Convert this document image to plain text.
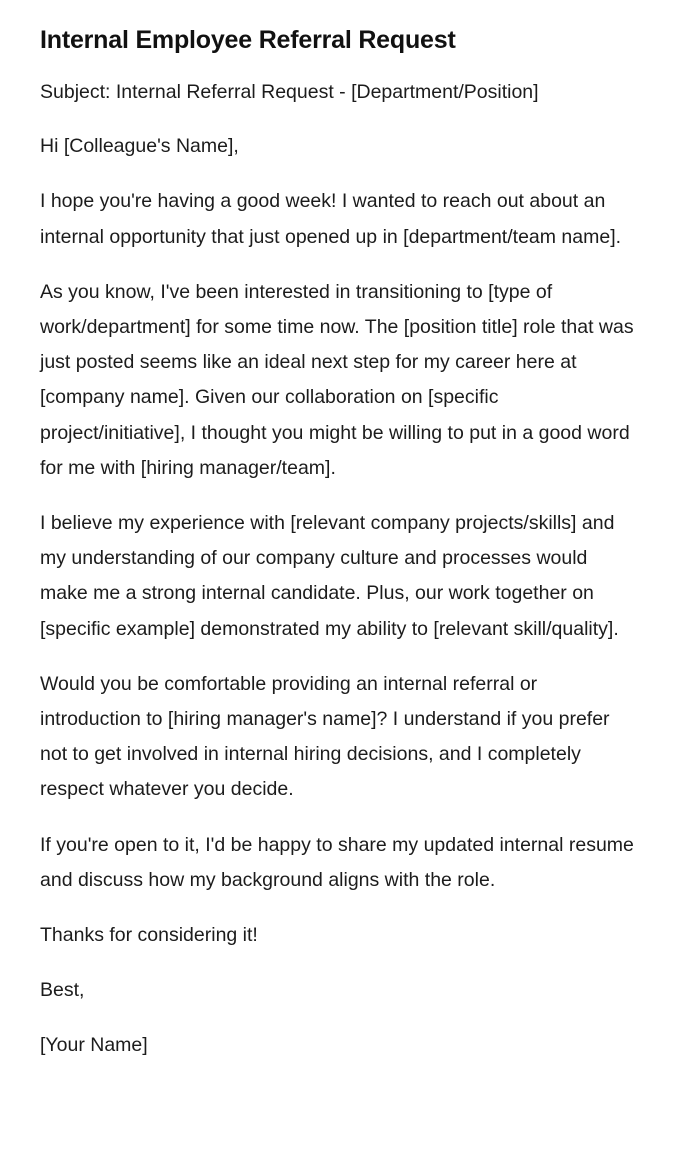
Internal Employee Referral Request

Subject: Internal Referral Request - [Department/Position]

Hi [Colleague's Name],

I hope you're having a good week! I wanted to reach out about an internal opportunity that just opened up in [department/team name].

As you know, I've been interested in transitioning to [type of work/department] for some time now. The [position title] role that was just posted seems like an ideal next step for my career here at [company name]. Given our collaboration on [specific project/initiative], I thought you might be willing to put in a good word for me with [hiring manager/team].

I believe my experience with [relevant company projects/skills] and my understanding of our company culture and processes would make me a strong internal candidate. Plus, our work together on [specific example] demonstrated my ability to [relevant skill/quality].

Would you be comfortable providing an internal referral or introduction to [hiring manager's name]? I understand if you prefer not to get involved in internal hiring decisions, and I completely respect whatever you decide.

If you're open to it, I'd be happy to share my updated internal resume and discuss how my background aligns with the role.

Thanks for considering it!

Best,

[Your Name]
